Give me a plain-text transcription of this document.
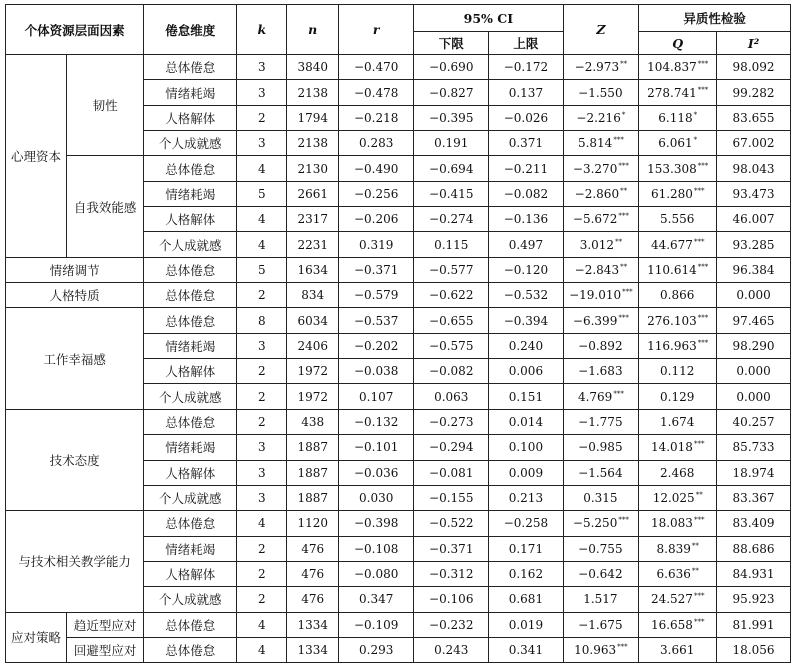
个体资源层面因素		倦怠维度	k	n	r	95% CI		Z	异质性检验	
						下限	上限		Q	I²
心理资本	韧性	总体倦怠	3	3840	−0.470	−0.690	−0.172	−2.973**	104.837***	98.092
		情绪耗竭	3	2138	−0.478	−0.827	0.137	−1.550	278.741***	99.282
		人格解体	2	1794	−0.218	−0.395	−0.026	−2.216*	6.118*	83.655
		个人成就感	3	2138	0.283	0.191	0.371	5.814***	6.061*	67.002
	自我效能感	总体倦怠	4	2130	−0.490	−0.694	−0.211	−3.270***	153.308***	98.043
		情绪耗竭	5	2661	−0.256	−0.415	−0.082	−2.860**	61.280***	93.473
		人格解体	4	2317	−0.206	−0.274	−0.136	−5.672***	5.556	46.007
		个人成就感	4	2231	0.319	0.115	0.497	3.012**	44.677***	93.285
情绪调节		总体倦怠	5	1634	−0.371	−0.577	−0.120	−2.843**	110.614***	96.384
人格特质		总体倦怠	2	834	−0.579	−0.622	−0.532	−19.010***	0.866	0.000
工作幸福感		总体倦怠	8	6034	−0.537	−0.655	−0.394	−6.399***	276.103***	97.465
		情绪耗竭	3	2406	−0.202	−0.575	0.240	−0.892	116.963***	98.290
		人格解体	2	1972	−0.038	−0.082	0.006	−1.683	0.112	0.000
		个人成就感	2	1972	0.107	0.063	0.151	4.769***	0.129	0.000
技术态度		总体倦怠	2	438	−0.132	−0.273	0.014	−1.775	1.674	40.257
		情绪耗竭	3	1887	−0.101	−0.294	0.100	−0.985	14.018***	85.733
		人格解体	3	1887	−0.036	−0.081	0.009	−1.564	2.468	18.974
		个人成就感	3	1887	0.030	−0.155	0.213	0.315	12.025**	83.367
与技术相关教学能力		总体倦怠	4	1120	−0.398	−0.522	−0.258	−5.250***	18.083***	83.409
		情绪耗竭	2	476	−0.108	−0.371	0.171	−0.755	8.839**	88.686
		人格解体	2	476	−0.080	−0.312	0.162	−0.642	6.636**	84.931
		个人成就感	2	476	0.347	−0.106	0.681	1.517	24.527***	95.923
应对策略	趋近型应对	总体倦怠	4	1334	−0.109	−0.232	0.019	−1.675	16.658***	81.991
	回避型应对	总体倦怠	4	1334	0.293	0.243	0.341	10.963***	3.661	18.056
